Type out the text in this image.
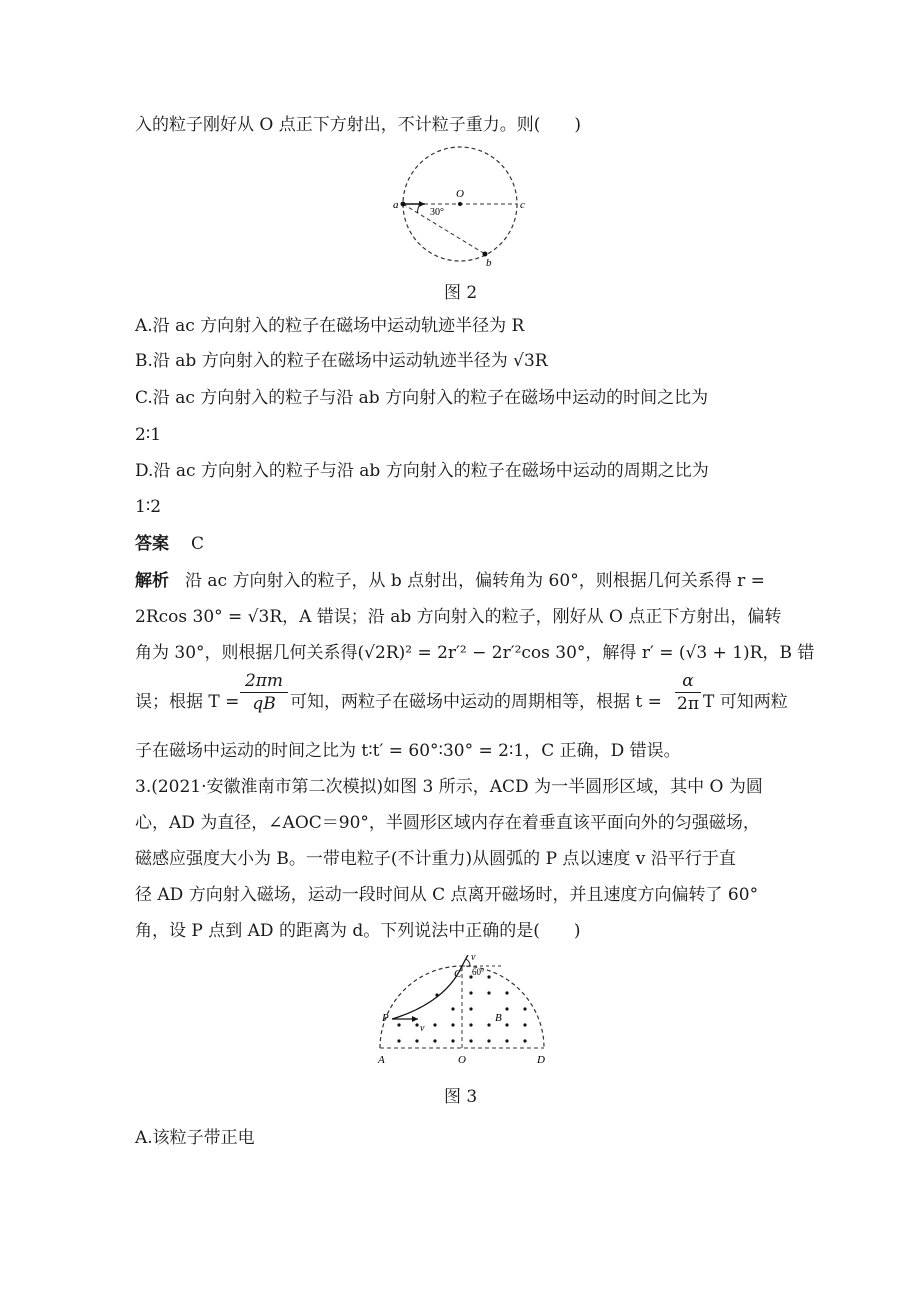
入的粒子刚好从 O 点正下方射出，不计粒子重力。则(　　)
a
O
c
b
30°
图 2
A.沿 ac 方向射入的粒子在磁场中运动轨迹半径为 R
B.沿 ab 方向射入的粒子在磁场中运动轨迹半径为 √3R
C.沿 ac 方向射入的粒子与沿 ab 方向射入的粒子在磁场中运动的时间之比为
2∶1
D.沿 ac 方向射入的粒子与沿 ab 方向射入的粒子在磁场中运动的周期之比为
1∶2
答案 C
解析 沿 ac 方向射入的粒子，从 b 点射出，偏转角为 60°，则根据几何关系得 r =
2Rcos 30° = √3R，A 错误；沿 ab 方向射入的粒子，刚好从 O 点正下方射出，偏转
角为 30°，则根据几何关系得(√2R)² = 2r′² − 2r′²cos 30°，解得 r′ = (√3 + 1)R，B 错
误；根据 T =
2πm
qB 可知，两粒子在磁场中运动的周期相等，根据 t =
α
2π T 可知两粒
子在磁场中运动的时间之比为 t∶t′ = 60°∶30° = 2∶1，C 正确，D 错误。
3.(2021·安徽淮南市第二次模拟)如图 3 所示，ACD 为一半圆形区域，其中 O 为圆
心，AD 为直径，∠AOC＝90°，半圆形区域内存在着垂直该平面向外的匀强磁场，
磁感应强度大小为 B。一带电粒子(不计重力)从圆弧的 P 点以速度 v 沿平行于直
径 AD 方向射入磁场，运动一段时间从 C 点离开磁场时，并且速度方向偏转了 60°
角，设 P 点到 AD 的距离为 d。下列说法中正确的是(　　)
C
v
60°
P
v
B
A	O	D
图 3
A.该粒子带正电
